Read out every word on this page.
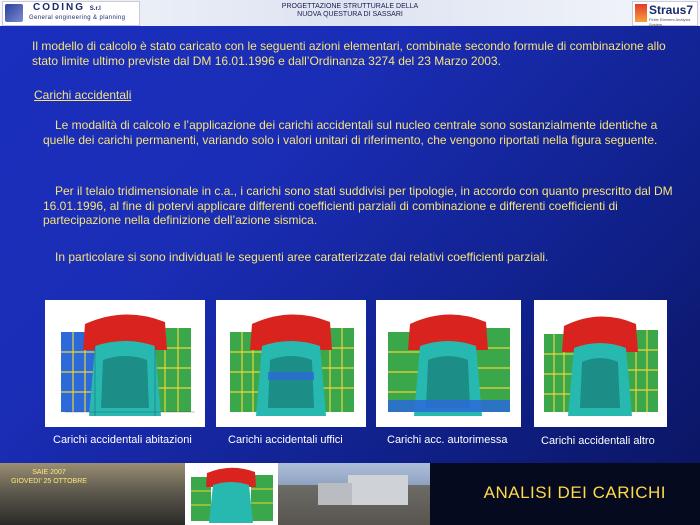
CODING S.r.l
General engineering & planning
PROGETTAZIONE STRUTTURALE DELLA
NUOVA QUESTURA DI SASSARI	Straus7
Finite Element Analysis System
Il modello di calcolo è stato caricato con le seguenti azioni elementari, combinate secondo formule di combinazione allo stato limite ultimo previste dal DM 16.01.1996 e dall’Ordinanza 3274 del 23 Marzo 2003.
Carichi accidentali
Le modalità di calcolo e l’applicazione dei carichi accidentali sul nucleo centrale sono sostanzialmente identiche a quelle dei carichi permanenti, variando solo i valori unitari di riferimento, che vengono riportati nella figura seguente.
Per il telaio tridimensionale in c.a., i carichi sono stati suddivisi per tipologie, in accordo con quanto prescritto dal DM 16.01.1996, al fine di potervi applicare differenti coefficienti parziali di combinazione e differenti coefficienti di partecipazione nella definizione dell’azione sismica.
In particolare si sono individuati le seguenti aree caratterizzate dai relativi coefficienti parziali.
Carichi accidentali abitazioni	Carichi accidentali uffici	Carichi acc. autorimessa	Carichi accidentali altro
SAIE 2007
GIOVEDI’ 25 OTTOBRE
ANALISI DEI CARICHI
